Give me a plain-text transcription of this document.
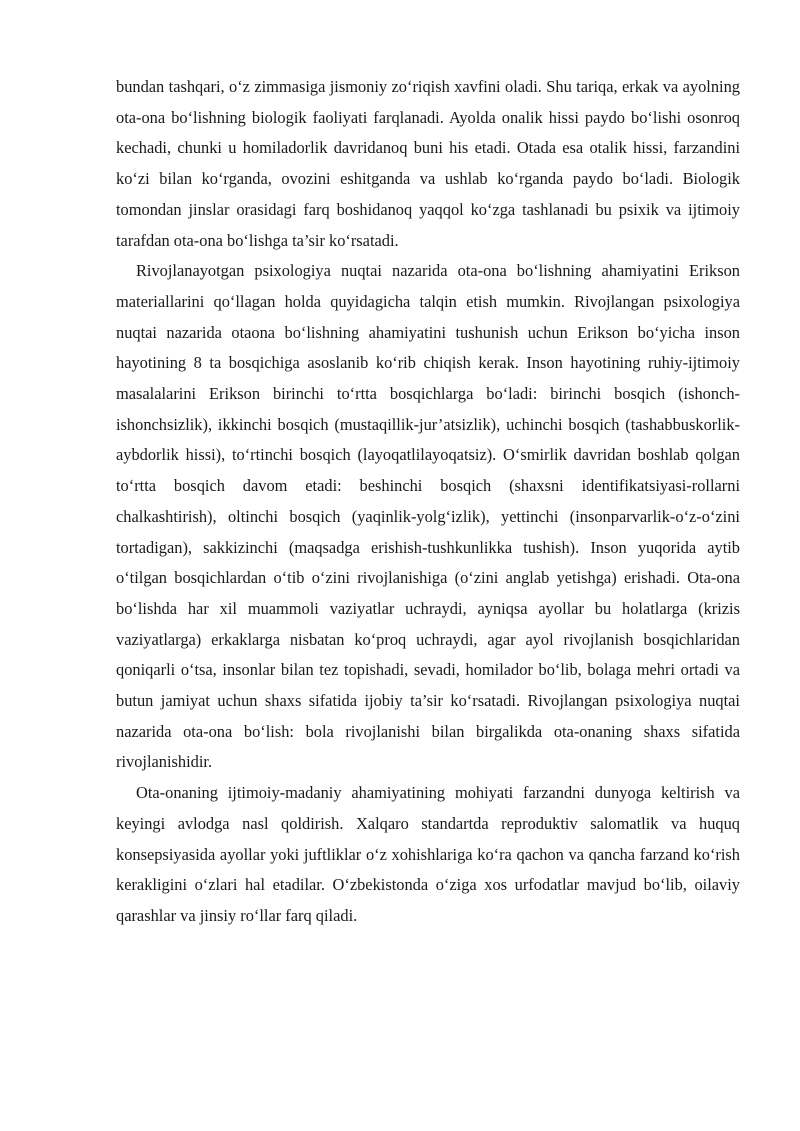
bundan tashqari, o‘z zimmasiga jismoniy zo‘riqish xavfini oladi. Shu tariqa, erkak va ayolning ota-ona bo‘lishning biologik faoliyati farqlanadi. Ayolda onalik hissi paydo bo‘lishi osonroq kechadi, chunki u homiladorlik davridanoq buni his etadi. Otada esa otalik hissi, farzandini ko‘zi bilan ko‘rganda, ovozini eshitganda va ushlab ko‘rganda paydo bo‘ladi. Biologik tomondan jinslar orasidagi farq boshidanoq yaqqol ko‘zga tashlanadi bu psixik va ijtimoiy tarafdan ota-ona bo‘lishga ta’sir ko‘rsatadi.

Rivojlanayotgan psixologiya nuqtai nazarida ota-ona bo‘lishning ahamiyatini Erikson materiallarini qo‘llagan holda quyidagicha talqin etish mumkin. Rivojlangan psixologiya nuqtai nazarida otaona bo‘lishning ahamiyatini tushunish uchun Erikson bo‘yicha inson hayotining 8 ta bosqichiga asoslanib ko‘rib chiqish kerak. Inson hayotining ruhiy-ijtimoiy masalalarini Erikson birinchi to‘rtta bosqichlarga bo‘ladi: birinchi bosqich (ishonch-ishonchsizlik), ikkinchi bosqich (mustaqillik-jur’atsizlik), uchinchi bosqich (tashabbuskorlik-aybdorlik hissi), to‘rtinchi bosqich (layoqatlilayoqatsiz). O‘smirlik davridan boshlab qolgan to‘rtta bosqich davom etadi: beshinchi bosqich (shaxsni identifikatsiyasi-rollarni chalkashtirish), oltinchi bosqich (yaqinlik-yolg‘izlik), yettinchi (insonparvarlik-o‘z-o‘zini tortadigan), sakkizinchi (maqsadga erishish-tushkunlikka tushish). Inson yuqorida aytib o‘tilgan bosqichlardan o‘tib o‘zini rivojlanishiga (o‘zini anglab yetishga) erishadi. Ota-ona bo‘lishda har xil muammoli vaziyatlar uchraydi, ayniqsa ayollar bu holatlarga (krizis vaziyatlarga) erkaklarga nisbatan ko‘proq uchraydi, agar ayol rivojlanish bosqichlaridan qoniqarli o‘tsa, insonlar bilan tez topishadi, sevadi, homilador bo‘lib, bolaga mehri ortadi va butun jamiyat uchun shaxs sifatida ijobiy ta’sir ko‘rsatadi. Rivojlangan psixologiya nuqtai nazarida ota-ona bo‘lish: bola rivojlanishi bilan birgalikda ota-onaning shaxs sifatida rivojlanishidir.

Ota-onaning ijtimoiy-madaniy ahamiyatining mohiyati farzandni dunyoga keltirish va keyingi avlodga nasl qoldirish. Xalqaro standartda reproduktiv salomatlik va huquq konsepsiyasida ayollar yoki juftliklar o‘z xohishlariga ko‘ra qachon va qancha farzand ko‘rish kerakligini o‘zlari hal etadilar. O‘zbekistonda o‘ziga xos urfodatlar mavjud bo‘lib, oilaviy qarashlar va jinsiy ro‘llar farq qiladi.
